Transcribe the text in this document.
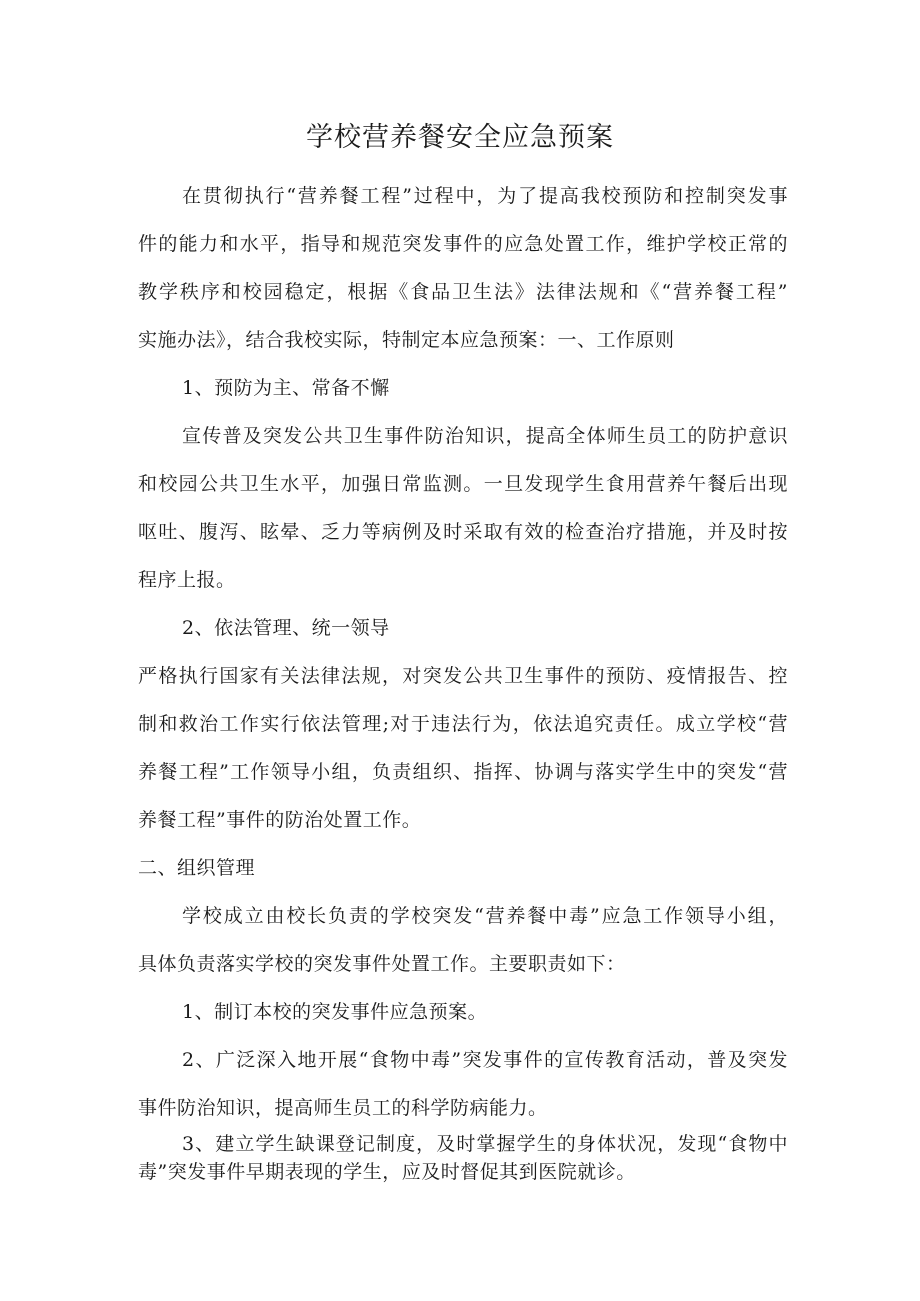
学校营养餐安全应急预案
在贯彻执行“营养餐工程”过程中，为了提高我校预防和控制突发事
件的能力和水平，指导和规范突发事件的应急处置工作，维护学校正常的
教学秩序和校园稳定，根据《食品卫生法》法律法规和《“营养餐工程”
实施办法》，结合我校实际，特制定本应急预案：一、工作原则
1、预防为主、常备不懈
宣传普及突发公共卫生事件防治知识，提高全体师生员工的防护意识
和校园公共卫生水平，加强日常监测。一旦发现学生食用营养午餐后出现
呕吐、腹泻、眩晕、乏力等病例及时采取有效的检查治疗措施，并及时按
程序上报。
2、依法管理、统一领导
严格执行国家有关法律法规，对突发公共卫生事件的预防、疫情报告、控
制和救治工作实行依法管理;对于违法行为，依法追究责任。成立学校“营
养餐工程”工作领导小组，负责组织、指挥、协调与落实学生中的突发“营
养餐工程”事件的防治处置工作。
二、组织管理
学校成立由校长负责的学校突发“营养餐中毒”应急工作领导小组，
具体负责落实学校的突发事件处置工作。主要职责如下：
1、制订本校的突发事件应急预案。
2、广泛深入地开展“食物中毒”突发事件的宣传教育活动，普及突发
事件防治知识，提高师生员工的科学防病能力。
3、建立学生缺课登记制度，及时掌握学生的身体状况，发现“食物中
毒”突发事件早期表现的学生，应及时督促其到医院就诊。
